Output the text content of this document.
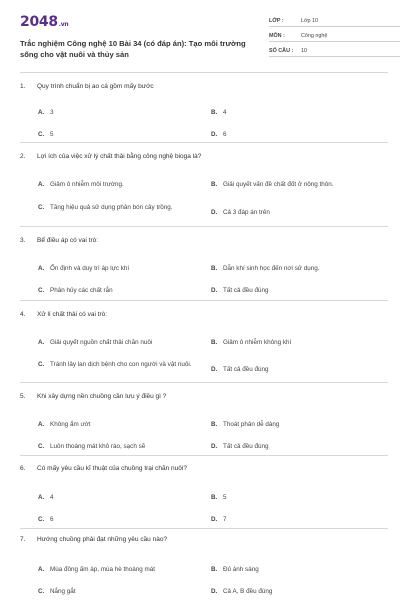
2048.vn
Trắc nghiệm Công nghệ 10 Bài 34 (có đáp án): Tạo môi trường sống cho vật nuôi và thủy sản
LỚP :	Lớp 10
MÔN :	Công nghệ
SỐ CÂU :	10
1.	Quy trình chuẩn bị ao cá gồm mấy bước
A. 3	B. 4
C. 5	D. 6
2.	Lợi ích của việc xử lý chất thải bằng công nghệ bioga là?
A. Giảm ô nhiễm môi trường.	B. Giải quyết vấn đề chất đốt ở nông thôn.
C. Tăng hiệu quả sử dụng phân bón cây trồng.
D. Cả 3 đáp án trên
3.	Bể điều áp có vai trò:
A. Ổn định và duy trì áp lực khí	B. Dẫn khí sinh học đến nơi sử dụng.
C. Phân hủy các chất rắn	D. Tất cả đều đúng
4.	Xử lí chất thải có vai trò:
A. Giải quyết nguồn chất thải chăn nuôi	B. Giảm ô nhiễm không khí
C. Tránh lây lan dịch bệnh cho con người và vật nuôi.
D. Tất cả đều đúng
5.	Khi xây dựng nền chuồng cần lưu ý điều gì ?
A. Không ẩm ướt	B. Thoát phân dễ dàng
C. Luôn thoáng mát khô ráo, sạch sẽ	D. Tất cả đều đúng
6.	Có mấy yêu cầu kĩ thuật của chuồng trại chăn nuôi?
A. 4	B. 5
C. 6	D. 7
7.	Hướng chuồng phải đạt những yêu cầu nào?
A. Mùa đông ấm áp, mùa hè thoáng mát	B. Đủ ánh sáng
C. Nắng gắt	D. Cả A, B đều đúng
